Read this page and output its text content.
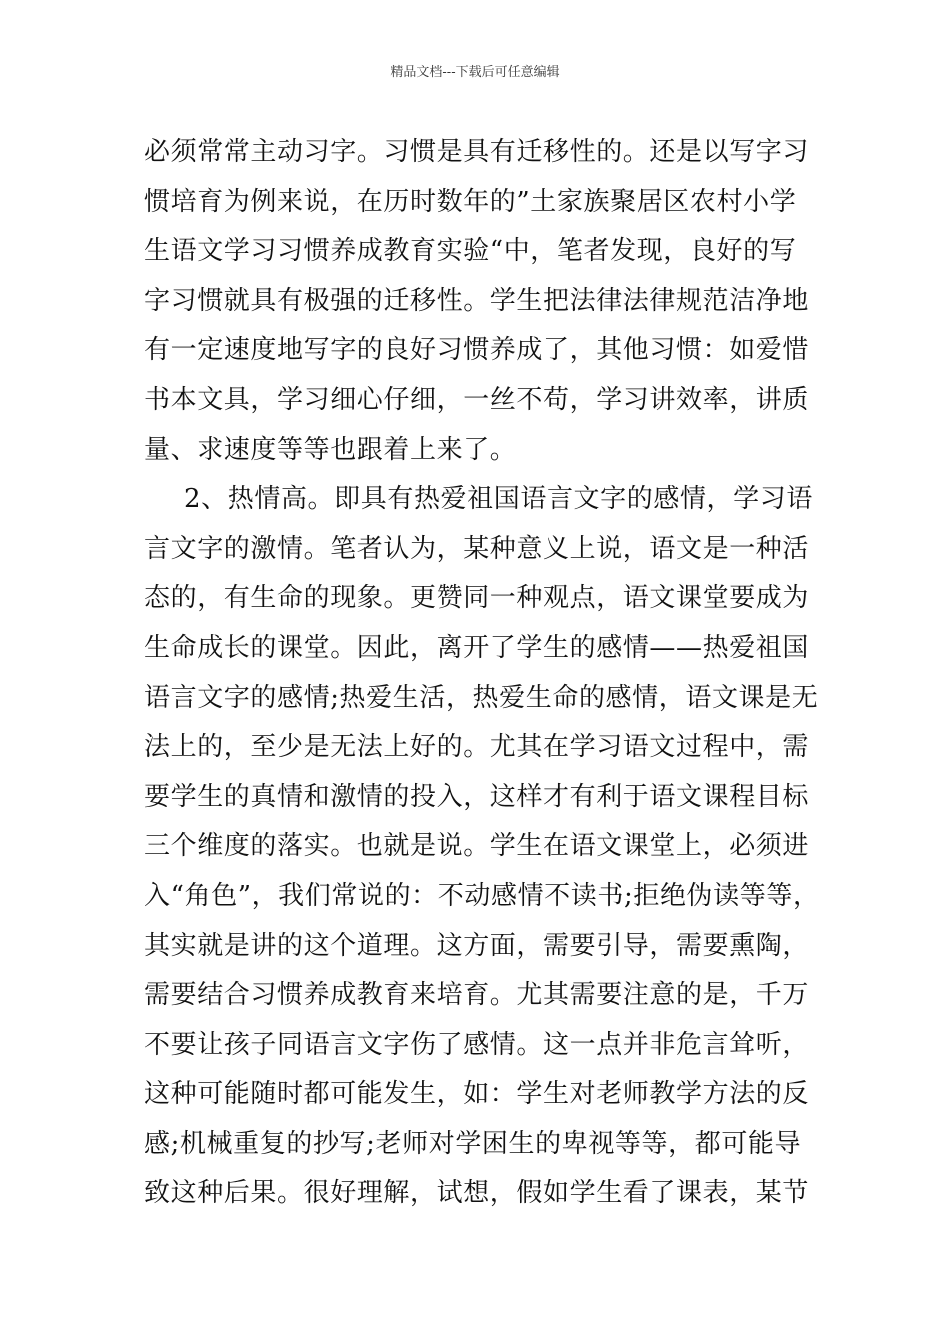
精品文档---下载后可任意编辑
必须常常主动习字。习惯是具有迁移性的。还是以写字习
惯培育为例来说，在历时数年的”土家族聚居区农村小学
生语文学习习惯养成教育实验“中，笔者发现，良好的写
字习惯就具有极强的迁移性。学生把法律法律规范洁净地
有一定速度地写字的良好习惯养成了，其他习惯：如爱惜
书本文具，学习细心仔细，一丝不苟，学习讲效率，讲质
量、求速度等等也跟着上来了。
2、热情高。即具有热爱祖国语言文字的感情，学习语
言文字的激情。笔者认为，某种意义上说，语文是一种活
态的，有生命的现象。更赞同一种观点，语文课堂要成为
生命成长的课堂。因此，离开了学生的感情——热爱祖国
语言文字的感情;热爱生活，热爱生命的感情，语文课是无
法上的，至少是无法上好的。尤其在学习语文过程中，需
要学生的真情和激情的投入，这样才有利于语文课程目标
三个维度的落实。也就是说。学生在语文课堂上，必须进
入“角色”，我们常说的：不动感情不读书;拒绝伪读等等，
其实就是讲的这个道理。这方面，需要引导，需要熏陶，
需要结合习惯养成教育来培育。尤其需要注意的是，千万
不要让孩子同语言文字伤了感情。这一点并非危言耸听，
这种可能随时都可能发生，如：学生对老师教学方法的反
感;机械重复的抄写;老师对学困生的卑视等等，都可能导
致这种后果。很好理解，试想，假如学生看了课表，某节
